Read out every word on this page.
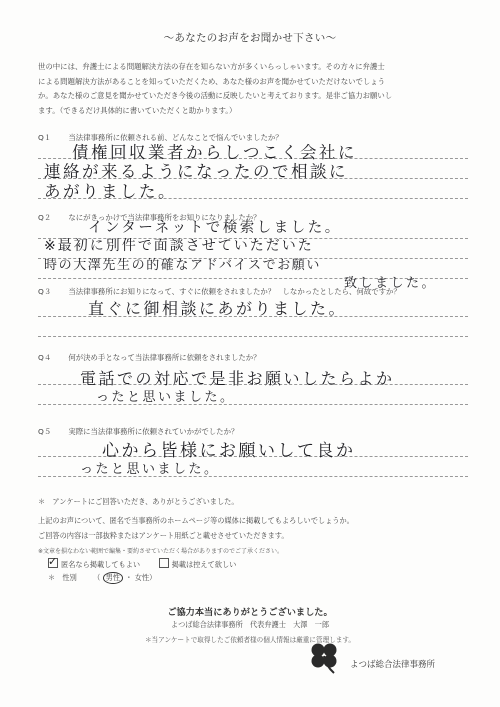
～あなたのお声をお聞かせ下さい～
世の中には、弁護士による問題解決方法の存在を知らない方が多くいらっしゃいます。その方々に弁護士
による問題解決方法があることを知っていただくため、あなた様のお声を聞かせていただけないでしょう
か。あなた様のご意見を聞かせていただき今後の活動に反映したいと考えております。是非ご協力お願いし
ます。（できるだけ具体的に書いていただくと助かります。）
Q１ 当法律事務所に依頼される前、どんなことで悩んでいましたか？
債権回収業者からしつこく会社に
連絡が来るようになったので相談に
あがりました。
Q２ なにがきっかけで当法律事務所をお知りになりましたか？
インターネットで検索しました。
※最初に別件で面談させていただいた
時の大澤先生の的確なアドバイスでお願い
致しました。
Q３ 当法律事務所にお知りになって、すぐに依頼をされましたか？　しなかったとしたら、何故ですか？
直ぐに御相談にあがりました。
Q４ 何が決め手となって当法律事務所に依頼をされましたか？
電話での対応で是非お願いしたらよか
ったと思いました。
Q５ 実際に当法律事務所に依頼されていかがでしたか？
心から皆様にお願いして良か
ったと思いました。
＊　アンケートにご回答いただき、ありがとうございました。
上記のお声について、匿名で当事務所のホームページ等の媒体に掲載してもよろしいでしょうか。
ご回答の内容は一部抜粋またはアンケート用紙ごと載せさせていただきます。
※文章を損なわない範囲で編集・要約させていただく場合がありますのでご了承ください。
✓匿名なら掲載してもよい	掲載は控えて欲しい
＊　性別 （ 男性 ・ 女性）
ご協力本当にありがとうございました。
よつば総合法律事務所　代表弁護士　大澤　一郎
＊当アンケートで取得したご依頼者様の個人情報は厳重に管理します。
よつば総合法律事務所
